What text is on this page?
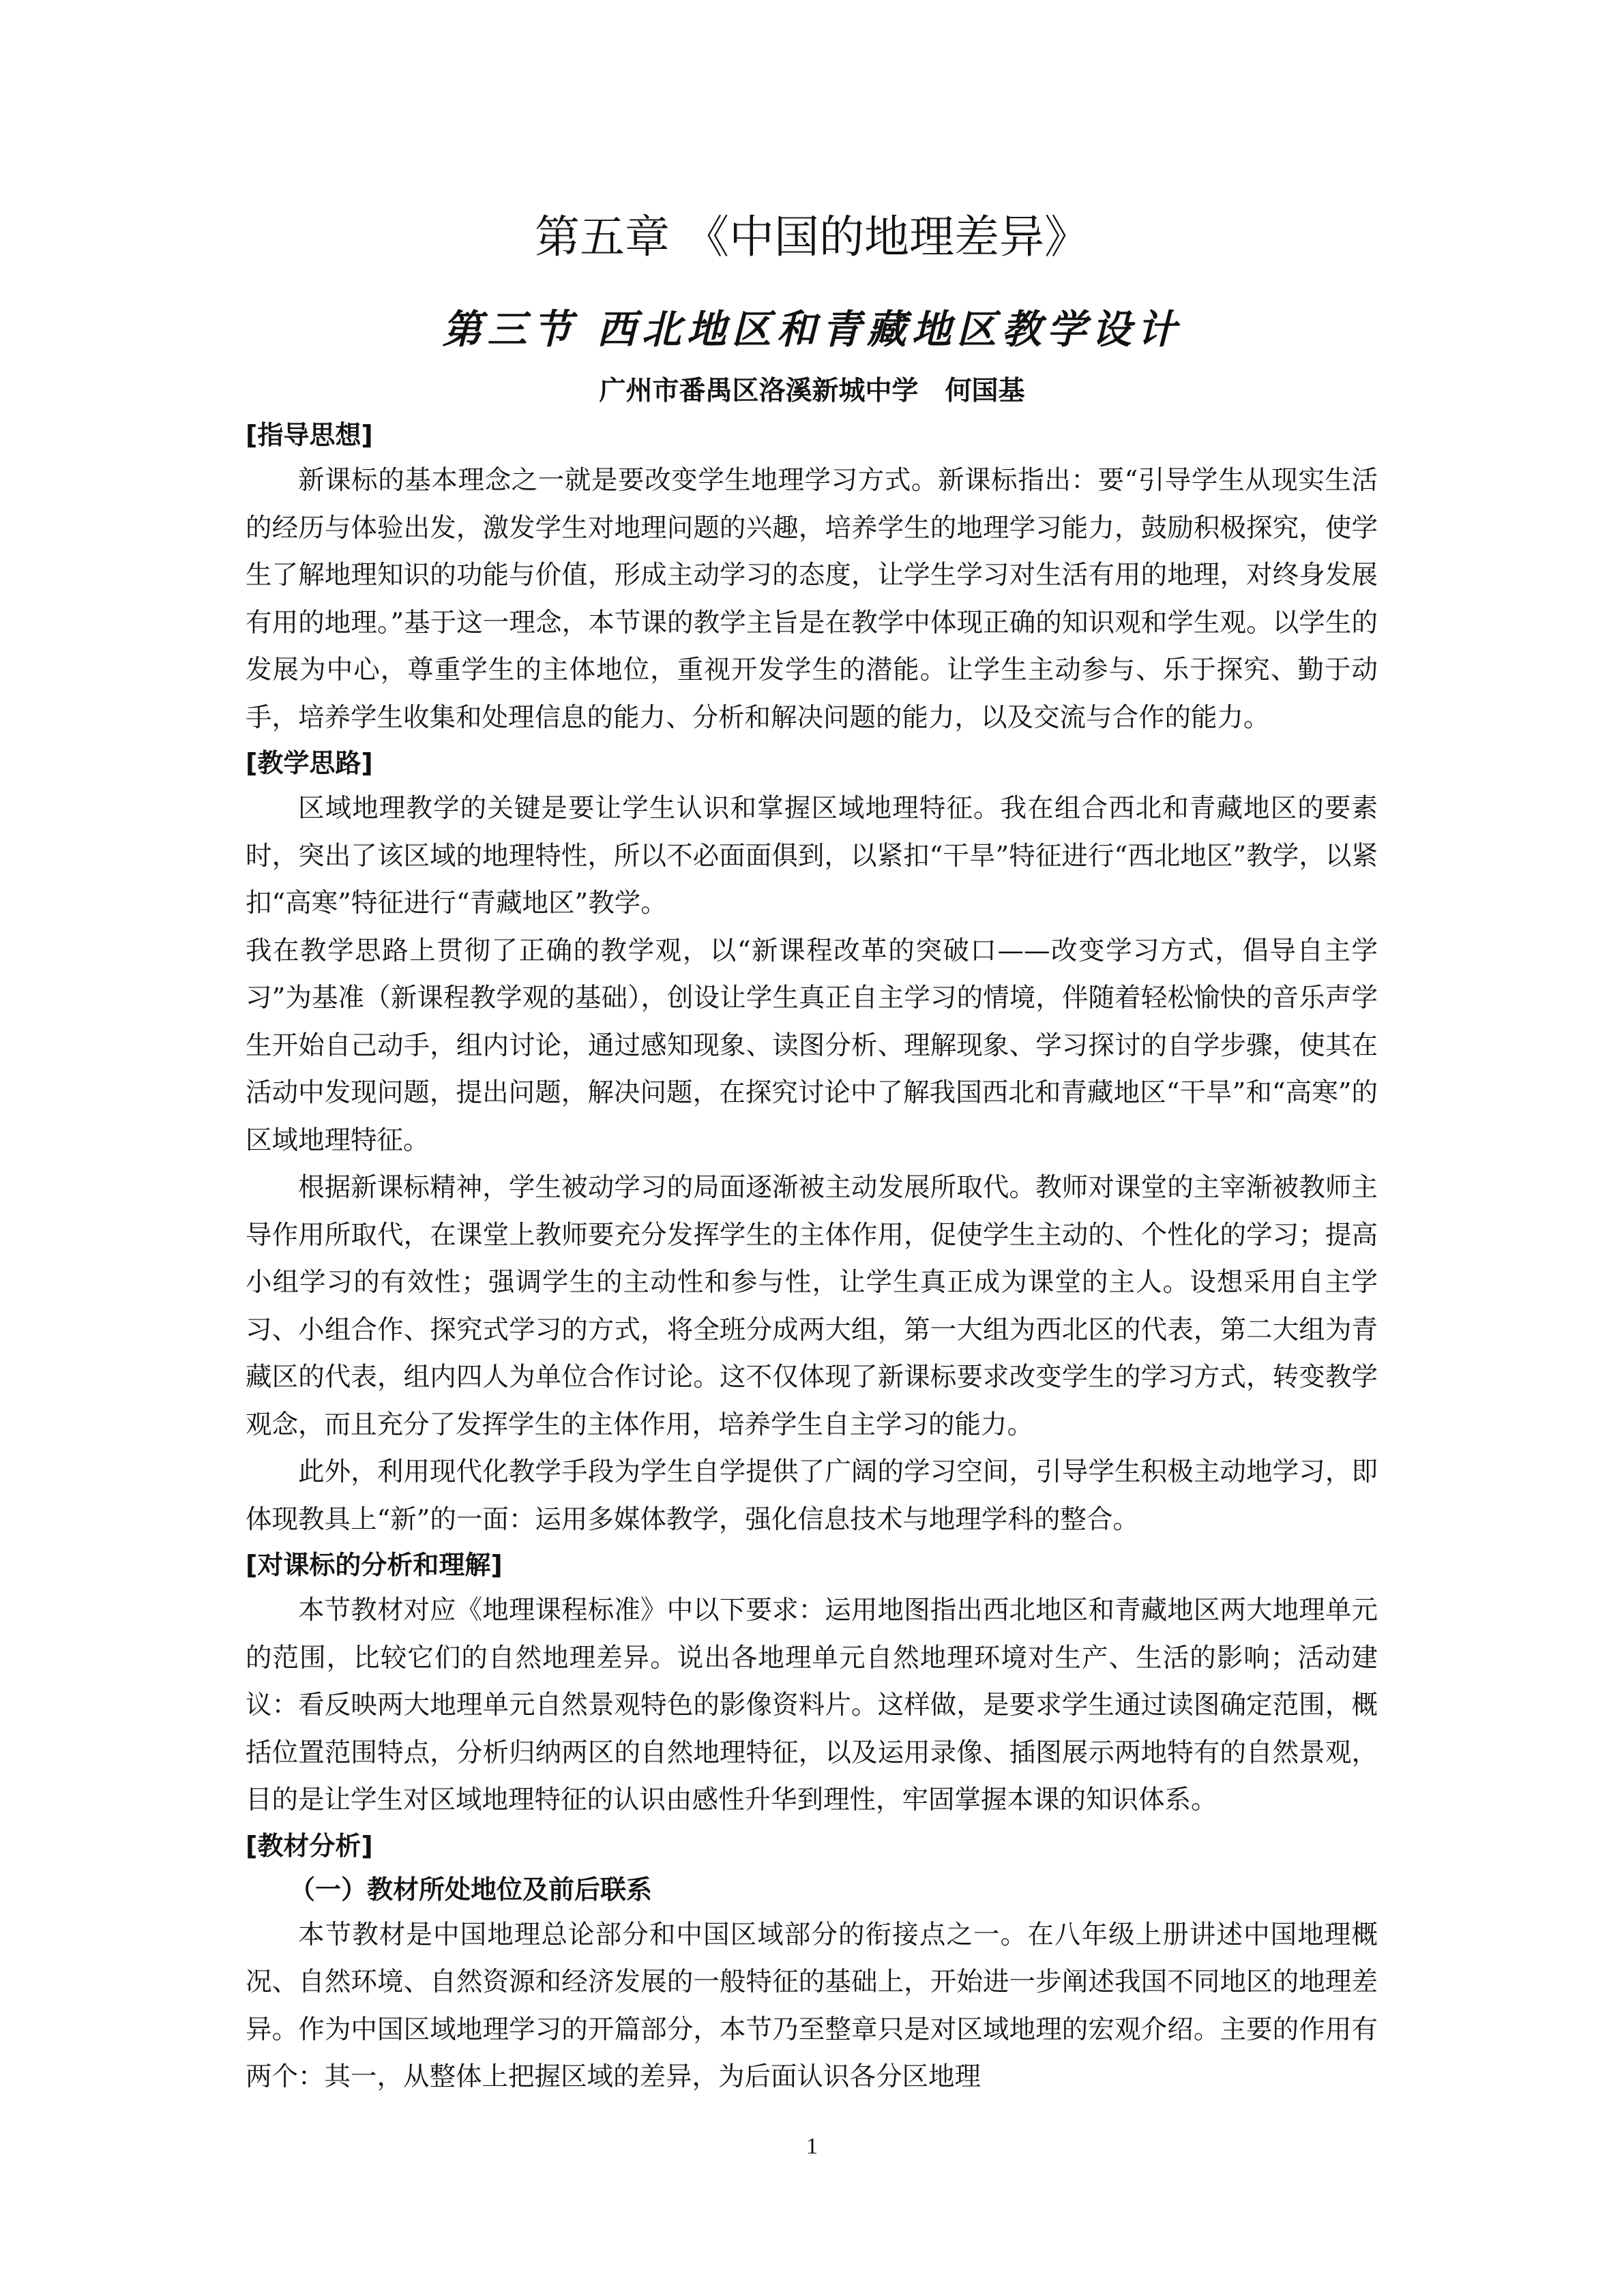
第五章 《中国的地理差异》
第三节 西北地区和青藏地区教学设计

广州市番禺区洛溪新城中学　何国基

[指导思想]

新课标的基本理念之一就是要改变学生地理学习方式。新课标指出：要“引导学生从现实生活的经历与体验出发，激发学生对地理问题的兴趣，培养学生的地理学习能力，鼓励积极探究，使学生了解地理知识的功能与价值，形成主动学习的态度，让学生学习对生活有用的地理，对终身发展有用的地理。”基于这一理念，本节课的教学主旨是在教学中体现正确的知识观和学生观。以学生的发展为中心，尊重学生的主体地位，重视开发学生的潜能。让学生主动参与、乐于探究、勤于动手，培养学生收集和处理信息的能力、分析和解决问题的能力，以及交流与合作的能力。

[教学思路]

区域地理教学的关键是要让学生认识和掌握区域地理特征。我在组合西北和青藏地区的要素时，突出了该区域的地理特性，所以不必面面俱到，以紧扣“干旱”特征进行“西北地区”教学，以紧扣“高寒”特征进行“青藏地区”教学。

我在教学思路上贯彻了正确的教学观，以“新课程改革的突破口——改变学习方式，倡导自主学习”为基准（新课程教学观的基础），创设让学生真正自主学习的情境，伴随着轻松愉快的音乐声学生开始自己动手，组内讨论，通过感知现象、读图分析、理解现象、学习探讨的自学步骤，使其在活动中发现问题，提出问题，解决问题，在探究讨论中了解我国西北和青藏地区“干旱”和“高寒”的区域地理特征。

根据新课标精神，学生被动学习的局面逐渐被主动发展所取代。教师对课堂的主宰渐被教师主导作用所取代，在课堂上教师要充分发挥学生的主体作用，促使学生主动的、个性化的学习；提高小组学习的有效性；强调学生的主动性和参与性，让学生真正成为课堂的主人。设想采用自主学习、小组合作、探究式学习的方式，将全班分成两大组，第一大组为西北区的代表，第二大组为青藏区的代表，组内四人为单位合作讨论。这不仅体现了新课标要求改变学生的学习方式，转变教学观念，而且充分了发挥学生的主体作用，培养学生自主学习的能力。

此外，利用现代化教学手段为学生自学提供了广阔的学习空间，引导学生积极主动地学习，即体现教具上“新”的一面：运用多媒体教学，强化信息技术与地理学科的整合。

[对课标的分析和理解]

本节教材对应《地理课程标准》中以下要求：运用地图指出西北地区和青藏地区两大地理单元的范围，比较它们的自然地理差异。说出各地理单元自然地理环境对生产、生活的影响；活动建议：看反映两大地理单元自然景观特色的影像资料片。这样做，是要求学生通过读图确定范围，概括位置范围特点，分析归纳两区的自然地理特征，以及运用录像、插图展示两地特有的自然景观，目的是让学生对区域地理特征的认识由感性升华到理性，牢固掌握本课的知识体系。

[教材分析]

（一）教材所处地位及前后联系

本节教材是中国地理总论部分和中国区域部分的衔接点之一。在八年级上册讲述中国地理概况、自然环境、自然资源和经济发展的一般特征的基础上，开始进一步阐述我国不同地区的地理差异。作为中国区域地理学习的开篇部分，本节乃至整章只是对区域地理的宏观介绍。主要的作用有两个：其一，从整体上把握区域的差异，为后面认识各分区地理

1
